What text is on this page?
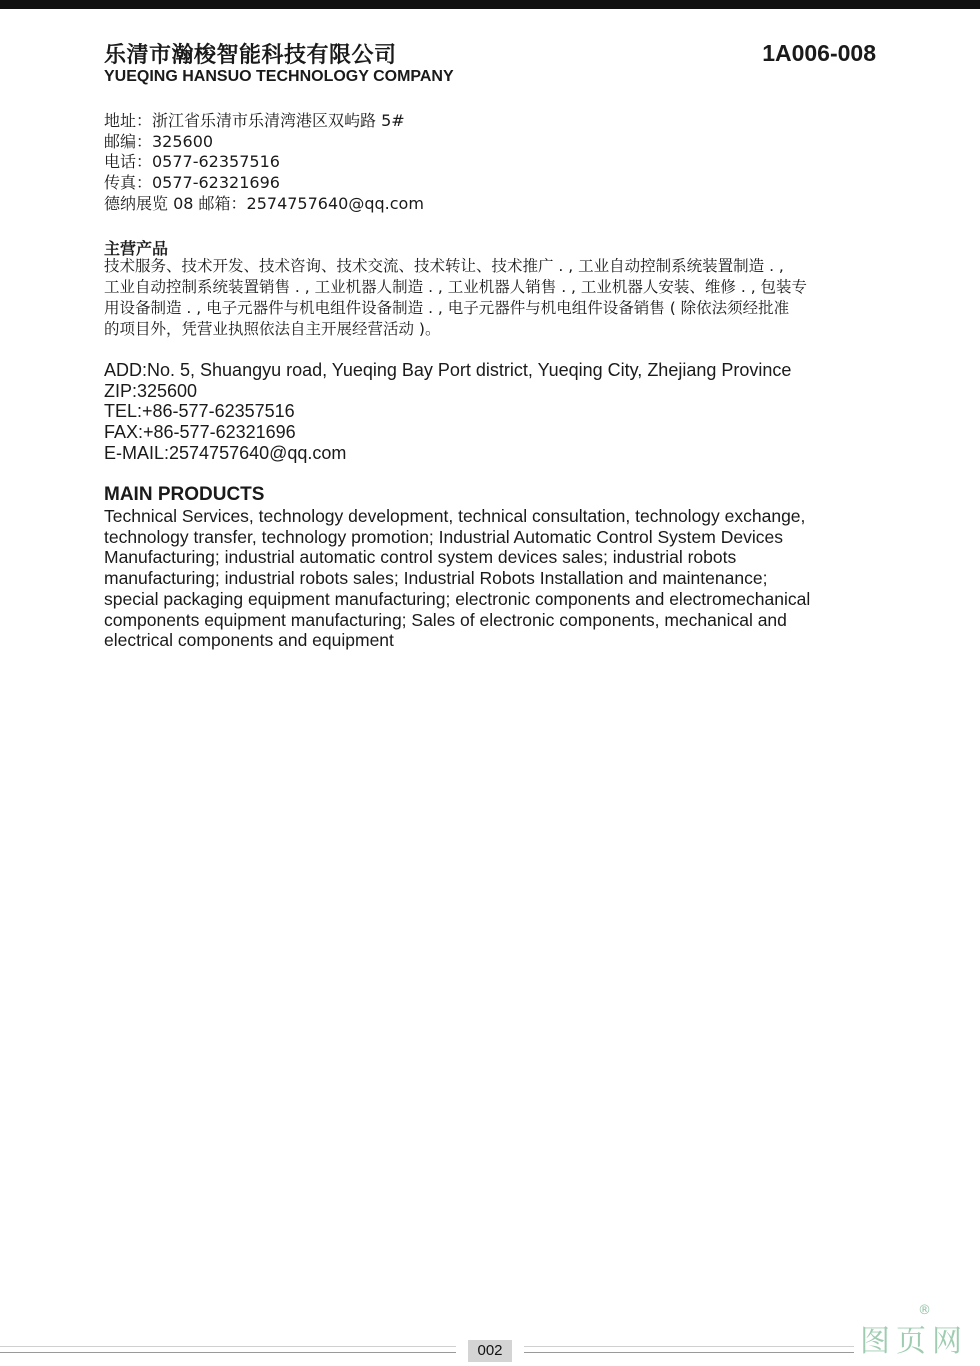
乐清市瀚梭智能科技有限公司
YUEQING HANSUO TECHNOLOGY COMPANY
1A006-008
地址：浙江省乐清市乐清湾港区双屿路 5#
邮编：325600
电话：0577-62357516
传真：0577-62321696
德纳展览 08 邮箱：2574757640@qq.com
主营产品
技术服务、技术开发、技术咨询、技术交流、技术转让、技术推广 . , 工业自动控制系统装置制造 . ,
工业自动控制系统装置销售 . , 工业机器人制造 . , 工业机器人销售 . , 工业机器人安装、维修 . , 包装专
用设备制造 . , 电子元器件与机电组件设备制造 . , 电子元器件与机电组件设备销售 ( 除依法须经批准
的项目外，凭营业执照依法自主开展经营活动 )。
ADD:No. 5, Shuangyu road, Yueqing Bay Port district, Yueqing City, Zhejiang Province
ZIP:325600
TEL:+86-577-62357516
FAX:+86-577-62321696
E-MAIL:2574757640@qq.com
MAIN PRODUCTS
Technical Services, technology development, technical consultation, technology exchange,
technology transfer, technology promotion; Industrial Automatic Control System Devices
Manufacturing; industrial automatic control system devices sales; industrial robots
manufacturing; industrial robots sales; Industrial Robots Installation and maintenance;
special packaging equipment manufacturing; electronic components and electromechanical
components equipment manufacturing; Sales of electronic components, mechanical and
electrical components and equipment
002	图页网
®
